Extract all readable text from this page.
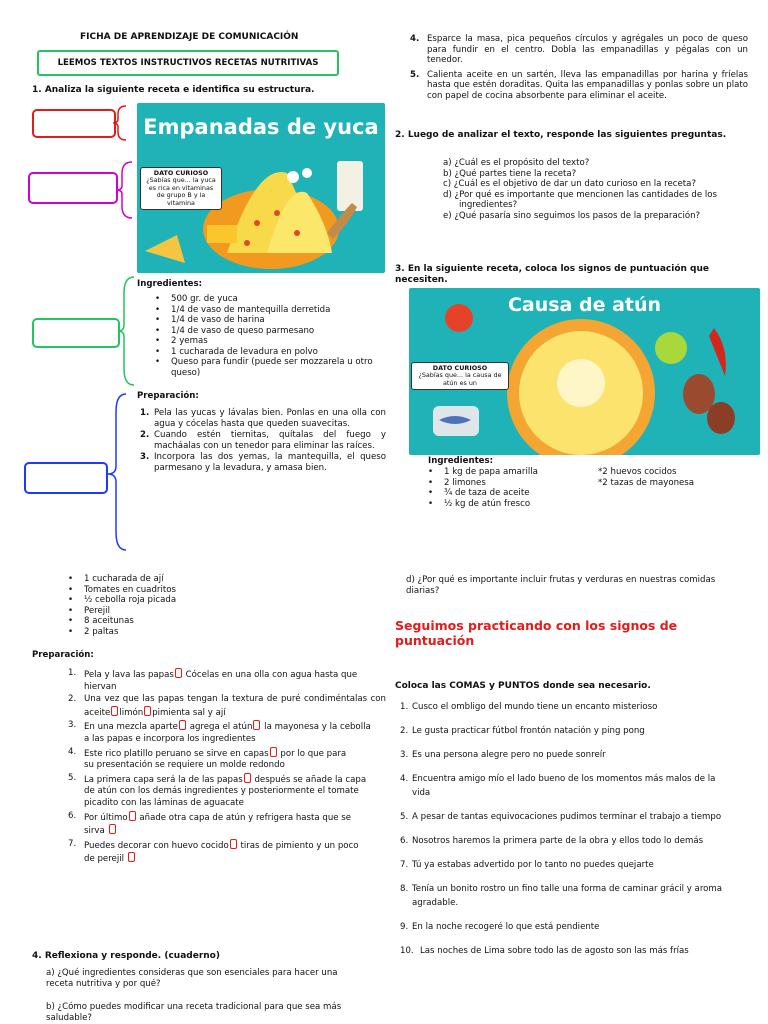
FICHA DE APRENDIZAJE DE COMUNICACIÓN
LEEMOS TEXTOS INSTRUCTIVOS RECETAS NUTRITIVAS
1. Analiza la siguiente receta e identifica su estructura.
Empanadas de yuca
DATO CURIOSO
¿Sabías que... la yuca es rica en vitaminas de grupo B y la vitamina
Ingredientes:
•    500 gr. de yuca
•    1/4 de vaso de mantequilla derretida
•    1/4 de vaso de harina
•    1/4 de vaso de queso parmesano
•    2 yemas
•    1 cucharada de levadura en polvo
• Queso para fundir (puede ser mozzarela u otro queso)
Preparación:
1. Pela las yucas y lávalas bien. Ponlas en una olla con agua y cócelas hasta que queden suavecitas.
2. Cuando estén tiernitas, quítalas del fuego y macháalas con un tenedor para eliminar las raíces.
3. Incorpora las dos yemas, la mantequilla, el queso parmesano y la levadura, y amasa bien.
4. Esparce la masa, pica pequeños círculos y agrégales un poco de queso para fundir en el centro. Dobla las empanadillas y pégalas con un tenedor.
5. Calienta aceite en un sartén, lleva las empanadillas por harina y fríelas hasta que estén doraditas. Quita las empanadillas y ponlas sobre un plato con papel de cocina absorbente para eliminar el aceite.
2. Luego de analizar el texto, responde las siguientes preguntas.
a) ¿Cuál es el propósito del texto?
b) ¿Qué partes tiene la receta?
c) ¿Cuál es el objetivo de dar un dato curioso en la receta?
d) ¿Por qué es importante que mencionen las cantidades de los ingredientes?
e) ¿Qué pasaría sino seguimos los pasos de la preparación?
3. En la siguiente receta, coloca los signos de puntuación que necesiten.
Causa de atún
DATO CURIOSO
¿Sabías que... la causa de atún es un
Ingredientes:
•    1 kg de papa amarilla
•    2 limones
•    ¾ de taza de aceite
•    ½ kg de atún fresco
*2 huevos cocidos
*2 tazas de mayonesa
•    1 cucharada de ají
•    Tomates en cuadritos
•    ½ cebolla roja picada
•    Perejil
•    8 aceitunas
•    2 paltas
Preparación:
1. Pela y lava las papas Cócelas en una olla con agua hasta que hiervan
2. Una vez que las papas tengan la textura de puré condiméntalas con aceite limón pimienta sal y ají
3. En una mezcla aparte agrega el atún la mayonesa y la cebolla
a las papas e incorpora los ingredientes
4. Este rico platillo peruano se sirve en capas por lo que para
su presentación se requiere un molde redondo
5. La primera capa será la de las papas después se añade la capa
de atún con los demás ingredientes y posteriormente el tomate picadito con las láminas de aguacate
6. Por último añade otra capa de atún y refrigera hasta que se
sirva
7. Puedes decorar con huevo cocido tiras de pimiento y un poco
de perejil
4. Reflexiona y responde. (cuaderno)
a) ¿Qué ingredientes consideras que son esenciales para hacer una receta nutritiva y por qué?
b) ¿Cómo puedes modificar una receta tradicional para que sea más saludable?
d) ¿Por qué es importante incluir frutas y verduras en nuestras comidas diarias?
Seguimos practicando con los signos de puntuación
Coloca las COMAS y PUNTOS donde sea necesario.
1. Cusco el ombligo del mundo tiene un encanto misterioso
2. Le gusta practicar fútbol frontón natación y ping pong
3. Es una persona alegre pero no puede sonreír
4. Encuentra amigo mío el lado bueno de los momentos más malos de la vida
5. A pesar de tantas equivocaciones pudimos terminar el trabajo a tiempo
6. Nosotros haremos la primera parte de la obra y ellos todo lo demás
7. Tú ya estabas advertido por lo tanto no puedes quejarte
8. Tenía un bonito rostro un fino talle una forma de caminar grácil y aroma agradable.
9. En la noche recogeré lo que está pendiente
10. Las noches de Lima sobre todo las de agosto son las más frías
